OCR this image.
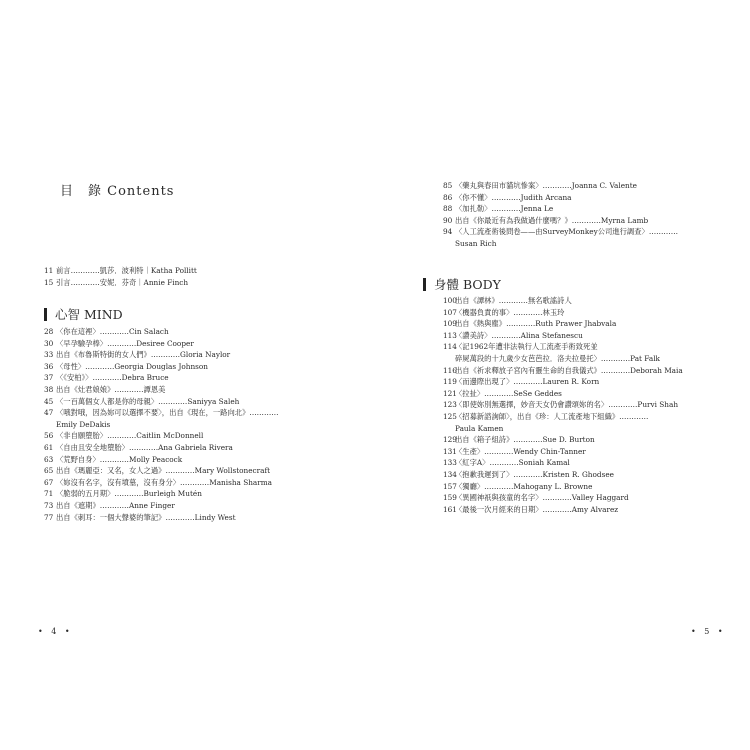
目　錄 Contents
11 前言…………凱莎．波利特｜Katha Pollitt
15 引言…………安妮．芬奇｜Annie Finch
心智 MIND
28 〈你在這裡〉…………Cin Salach
30 〈早孕驗孕棒〉…………Desiree Cooper
33 出自《布魯斯特街的女人們》…………Gloria Naylor
36 〈母性〉…………Georgia Douglas Johnson
37 〈《安柏》〉…………Debra Bruce
38 出自《灶君娘娘》…………譚恩美
45 〈一百萬個女人都是你的母親〉…………Saniyya Saleh
47 〈哦對哦，因為妳可以選擇不要〉，出自《現在，一路向北》…………
Emily DeDakis
56 〈非自願墮胎〉…………Caitlin McDonnell
61 〈自由且安全地墮胎〉…………Ana Gabriela Rivera
63 〈荒野自身〉…………Molly Peacock
65 出自《瑪麗亞：又名，女人之過》…………Mary Wollstonecraft
67 〈妳沒有名字，沒有墳墓，沒有身分〉…………Manisha Sharma
71 〈脆弱的五月期〉…………Burleigh Mutén
73 出自《遮期》…………Anne Finger
77 出自《刺耳：一個大聲婆的筆記》…………Lindy West
• 4 •
85 〈藥丸與春田市貓坑慘案〉…………Joanna C. Valente
86 〈你不懂〉…………Judith Arcana
88 〈加扎勒〉…………Jenna Le
90 出自《你最近有為我做過什麼嗎？》…………Myrna Lamb
94 〈人工流產術後問卷——由SurveyMonkey公司進行調查〉…………
Susan Rich
身體 BODY
100
出自《譚林》…………無名歌謠詩人
107
〈機器負責的事〉…………林玉玲
109
出自《熱與塵》…………Ruth Prawer Jhabvala
113
〈讚美詩〉…………Alina Stefanescu
114
〈記1962年遭非法執行人工流產手術致死並
碎屍萬段的十九歲少女芭芭拉．洛夫拉曼托〉…………Pat Falk
116
出自《祈求釋放子宮內有靈生命的自我儀式》…………Deborah Maia
119
〈而邊際出現了〉…………Lauren R. Korn
121
〈拉扯〉…………SeSe Geddes
123
〈即使妳別無選擇，妙音天女仍會讚頌妳的名〉…………Purvi Shah
125
〈招募新諮詢師〉，出自《珍：人工流產地下組織》…………
Paula Kamen
129
出自《箱子組詩》…………Sue D. Burton
131
〈生產〉…………Wendy Chin-Tanner
133
〈紅字A〉…………Soniah Kamal
134
〈抱歉我遲到了〉…………Kristen R. Ghodsee
157
〈獨廳〉…………Mahogany L. Browne
159
〈異國神祇與孩童的名字〉…………Valley Haggard
161
〈最後一次月經來的日期〉…………Amy Alvarez
• 5 •
